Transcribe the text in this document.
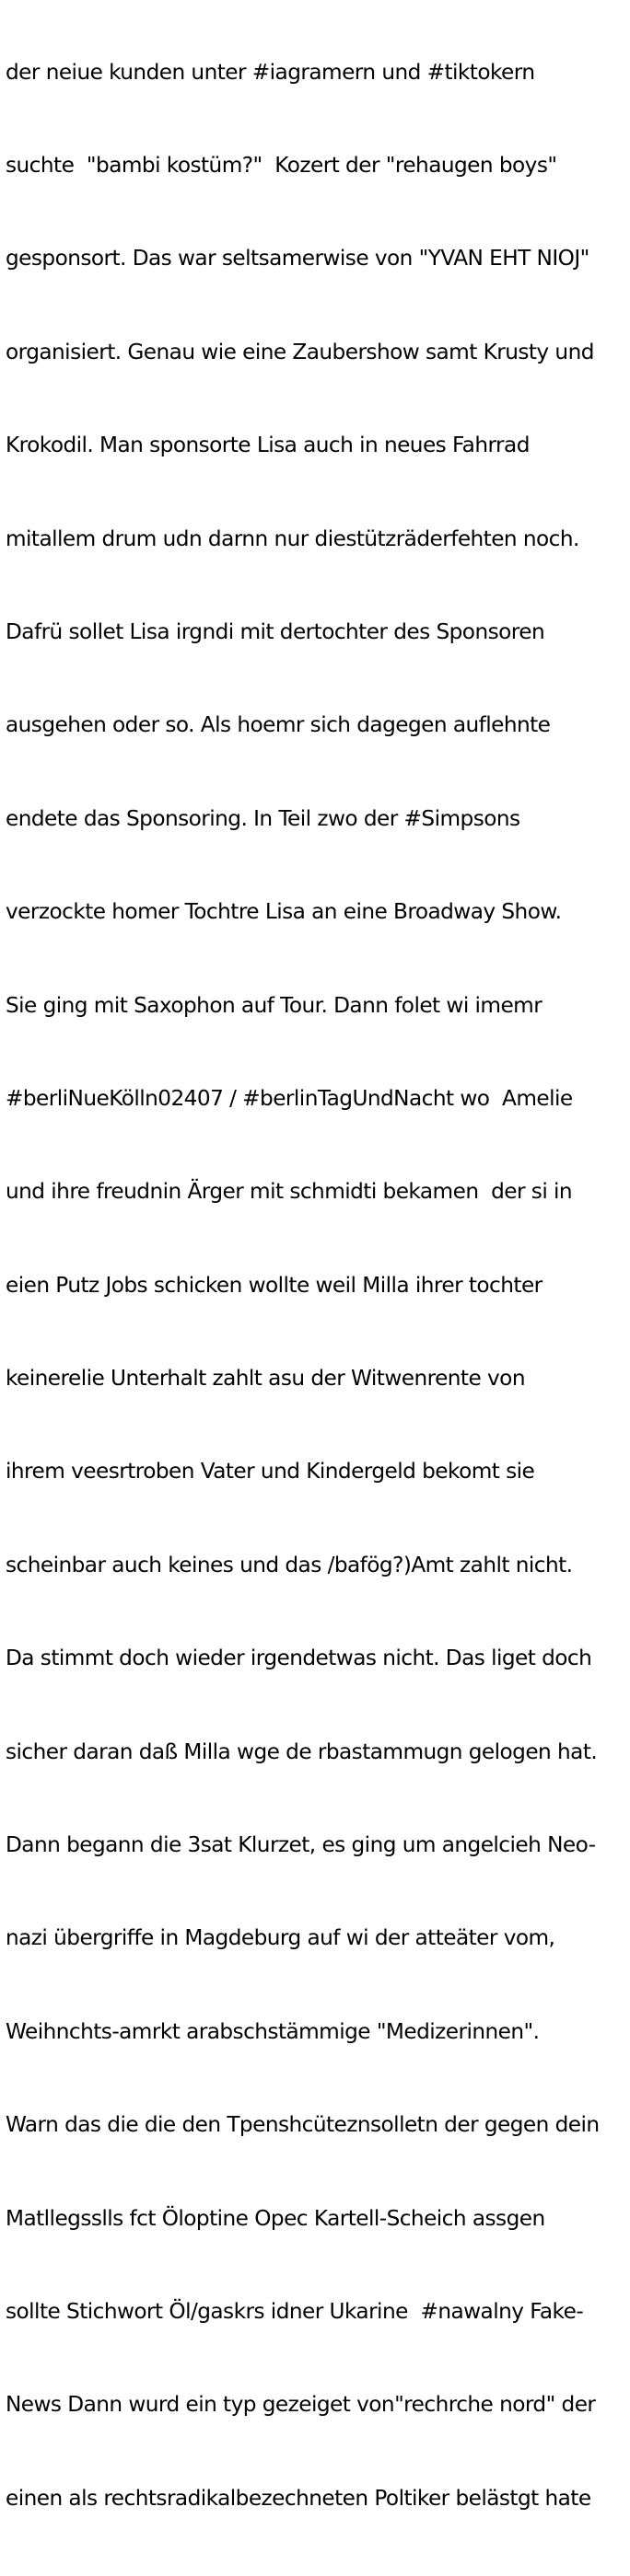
der neiue kunden unter #iagramern und #tiktokern

suchte  "bambi kostüm?"  Kozert der "rehaugen boys"

gesponsort. Das war seltsamerwise von "YVAN EHT NIOJ"

organisiert. Genau wie eine Zaubershow samt Krusty und

Krokodil. Man sponsorte Lisa auch in neues Fahrrad

mitallem drum udn darnn nur diestützräderfehten noch.

Dafrü sollet Lisa irgndi mit dertochter des Sponsoren

ausgehen oder so. Als hoemr sich dagegen auflehnte

endete das Sponsoring. In Teil zwo der #Simpsons

verzockte homer Tochtre Lisa an eine Broadway Show.

Sie ging mit Saxophon auf Tour. Dann folet wi imemr

#berliNueKölln02407 / #berlinTagUndNacht wo  Amelie

und ihre freudnin Ärger mit schmidti bekamen  der si in

eien Putz Jobs schicken wollte weil Milla ihrer tochter

keinerelie Unterhalt zahlt asu der Witwenrente von

ihrem veesrtroben Vater und Kindergeld bekomt sie

scheinbar auch keines und das /bafög?)Amt zahlt nicht.

Da stimmt doch wieder irgendetwas nicht. Das liget doch

sicher daran daß Milla wge de rbastammugn gelogen hat.

Dann begann die 3sat Klurzet, es ging um angelcieh Neo-

nazi übergriffe in Magdeburg auf wi der atteäter vom,

Weihnchts-amrkt arabschstämmige "Medizerinnen".

Warn das die die den Tpenshcüteznsolletn der gegen dein

Matllegsslls fct Öloptine Opec Kartell-Scheich assgen

sollte Stichwort Öl/gaskrs idner Ukarine  #nawalny Fake-

News Dann wurd ein typ gezeiget von"rechrche nord" der

einen als rechtsradikalbezechneten Poltiker belästgt hate
